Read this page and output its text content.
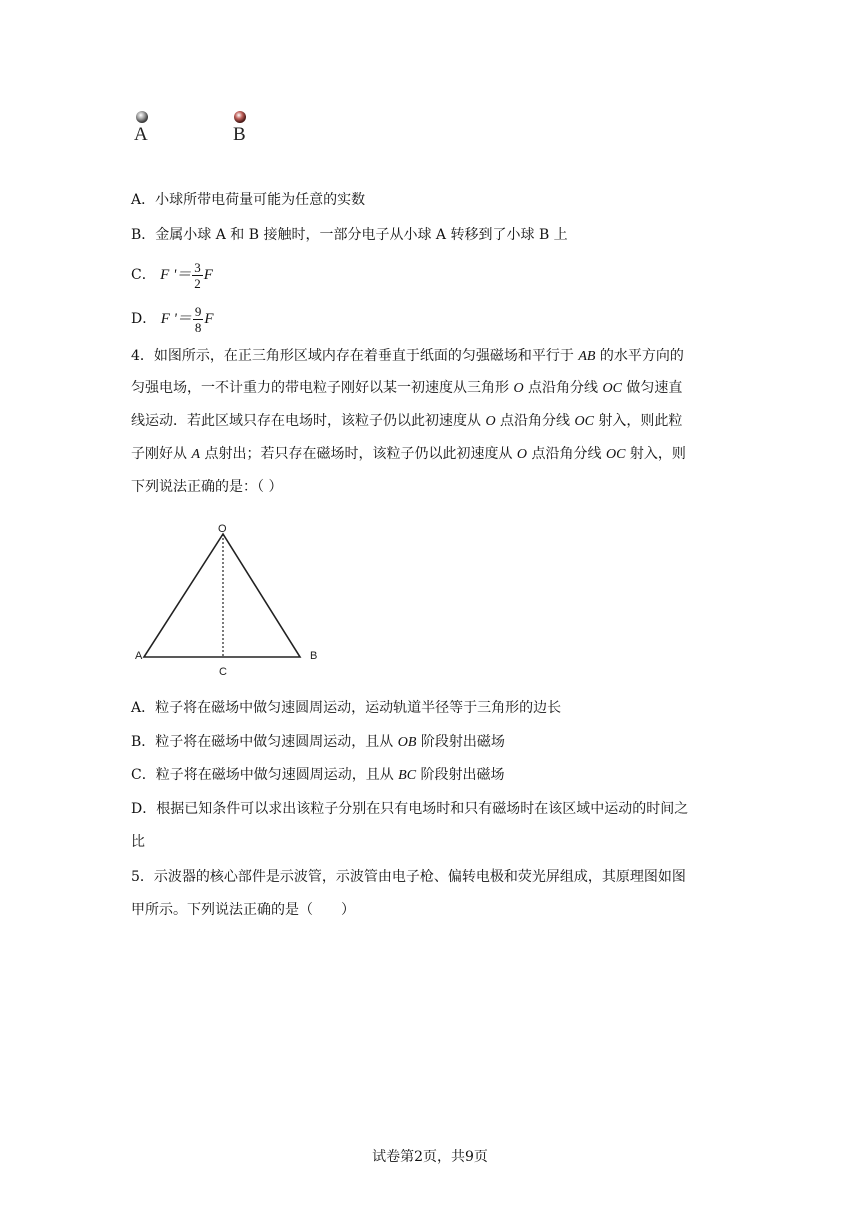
A	B
A．小球所带电荷量可能为任意的实数
B．金属小球 A 和 B 接触时，一部分电子从小球 A 转移到了小球 B 上
C． F '＝ $\frac{3}{2}$ F
D． F '＝ $\frac{9}{8}$ F
4．如图所示，在正三角形区域内存在着垂直于纸面的匀强磁场和平行于 AB 的水平方向的
匀强电场，一不计重力的带电粒子刚好以某一初速度从三角形 O 点沿角分线 OC 做匀速直
线运动．若此区域只存在电场时，该粒子仍以此初速度从 O 点沿角分线 OC 射入，则此粒
子刚好从 A 点射出；若只存在磁场时，该粒子仍以此初速度从 O 点沿角分线 OC 射入，则
下列说法正确的是：（ ）
O
A	B
C
A．粒子将在磁场中做匀速圆周运动，运动轨道半径等于三角形的边长
B．粒子将在磁场中做匀速圆周运动，且从 OB 阶段射出磁场
C．粒子将在磁场中做匀速圆周运动，且从 BC 阶段射出磁场
D．根据已知条件可以求出该粒子分别在只有电场时和只有磁场时在该区域中运动的时间之
比
5．示波器的核心部件是示波管，示波管由电子枪、偏转电极和荧光屏组成，其原理图如图
甲所示。下列说法正确的是（　　）
试卷第2页，共9页
